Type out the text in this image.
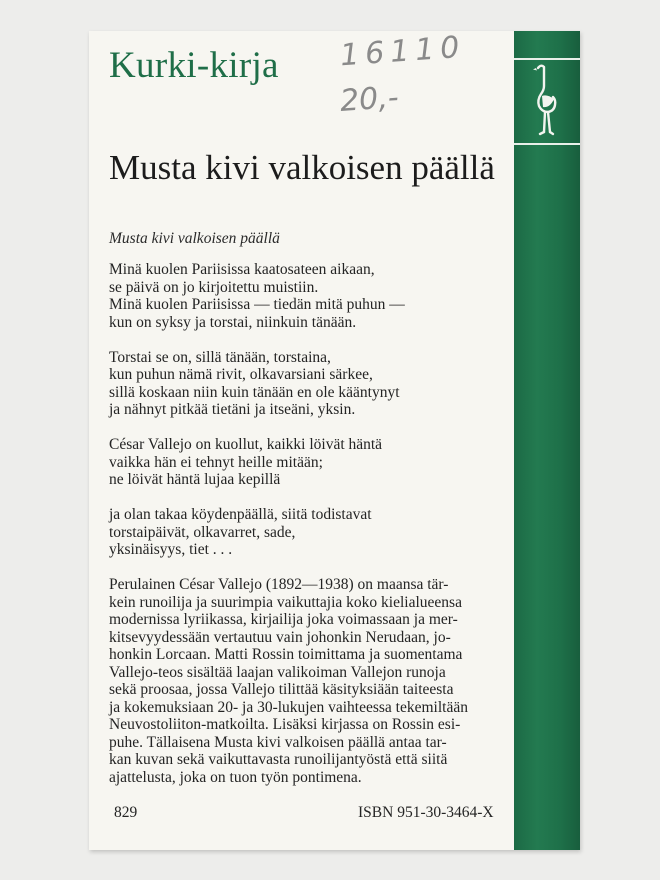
Kurki-kirja 16110
20,-
Musta kivi valkoisen päällä
Musta kivi valkoisen päällä
Minä kuolen Pariisissa kaatosateen aikaan,
se päivä on jo kirjoitettu muistiin.
Minä kuolen Pariisissa — tiedän mitä puhun —
kun on syksy ja torstai, niinkuin tänään.
Torstai se on, sillä tänään, torstaina,
kun puhun nämä rivit, olkavarsiani särkee,
sillä koskaan niin kuin tänään en ole kääntynyt
ja nähnyt pitkää tietäni ja itseäni, yksin.
César Vallejo on kuollut, kaikki löivät häntä
vaikka hän ei tehnyt heille mitään;
ne löivät häntä lujaa kepillä
ja olan takaa köydenpäällä, siitä todistavat
torstaipäivät, olkavarret, sade,
yksinäisyys, tiet . . .
Perulainen César Vallejo (1892—1938) on maansa tär-
kein runoilija ja suurimpia vaikuttajia koko kielialueensa
modernissa lyriikassa, kirjailija joka voimassaan ja mer-
kitsevyydessään vertautuu vain johonkin Nerudaan, jo-
honkin Lorcaan. Matti Rossin toimittama ja suomentama
Vallejo-teos sisältää laajan valikoiman Vallejon runoja
sekä proosaa, jossa Vallejo tilittää käsityksiään taiteesta
ja kokemuksiaan 20- ja 30-lukujen vaihteessa tekemiltään
Neuvostoliiton-matkoilta. Lisäksi kirjassa on Rossin esi-
puhe. Tällaisena Musta kivi valkoisen päällä antaa tar-
kan kuvan sekä vaikuttavasta runoilijantyöstä että siitä
ajattelusta, joka on tuon työn pontimena.
829	ISBN 951-30-3464-X
